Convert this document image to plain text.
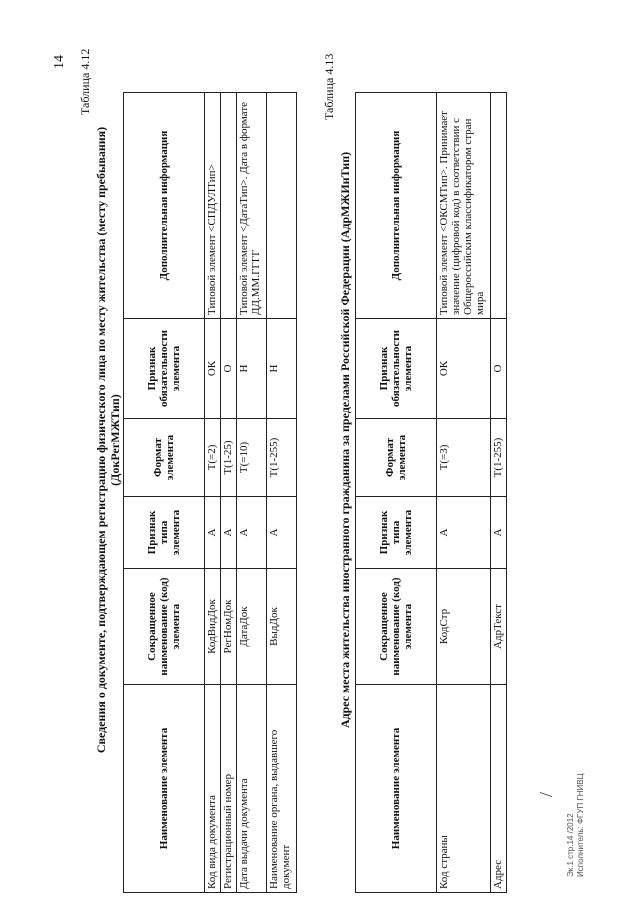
14 Таблица 4.12
Сведения о документе, подтверждающем регистрацию физического лица по месту жительства (месту пребывания) (ДокРегМЖТип)
Наименование элемента	Сокращенное наименование (код) элемента	Признак типа элемента	Формат элемента	Признак обязательности элемента	Дополнительная информация
Код вида документа	КодВидДок	А	Т(=2)	ОК	Типовой элемент <СПДУЛТип>
Регистрационный номер	РегНомДок	А	Т(1-25)	О	
Дата выдачи документа	ДатаДок	А	Т(=10)	Н	Типовой элемент <ДатаТип>. Дата в формате ДД.ММ.ГГГГ
Наименование органа, выдавшего документ	ВыдДок	А	Т(1-255)	Н	
Таблица 4.13
Адрес места жительства иностранного гражданина за пределами Российской Федерации (АдрМЖИнТип)
Наименование элемента	Сокращенное наименование (код) элемента	Признак типа элемента	Формат элемента	Признак обязательности элемента	Дополнительная информация
Код страны	КодСтр	А	Т(=3)	ОК	Типовой элемент <ОКСМТип>. Принимает значение (цифровой код) в соответствии с Общероссийским классификатором стран мира
Адрес	АдрТекст	А	Т(1-255)	О	
/
Эк.1 стр.14 /2012 Исполнитель: ФГУП ГНИВЦ
